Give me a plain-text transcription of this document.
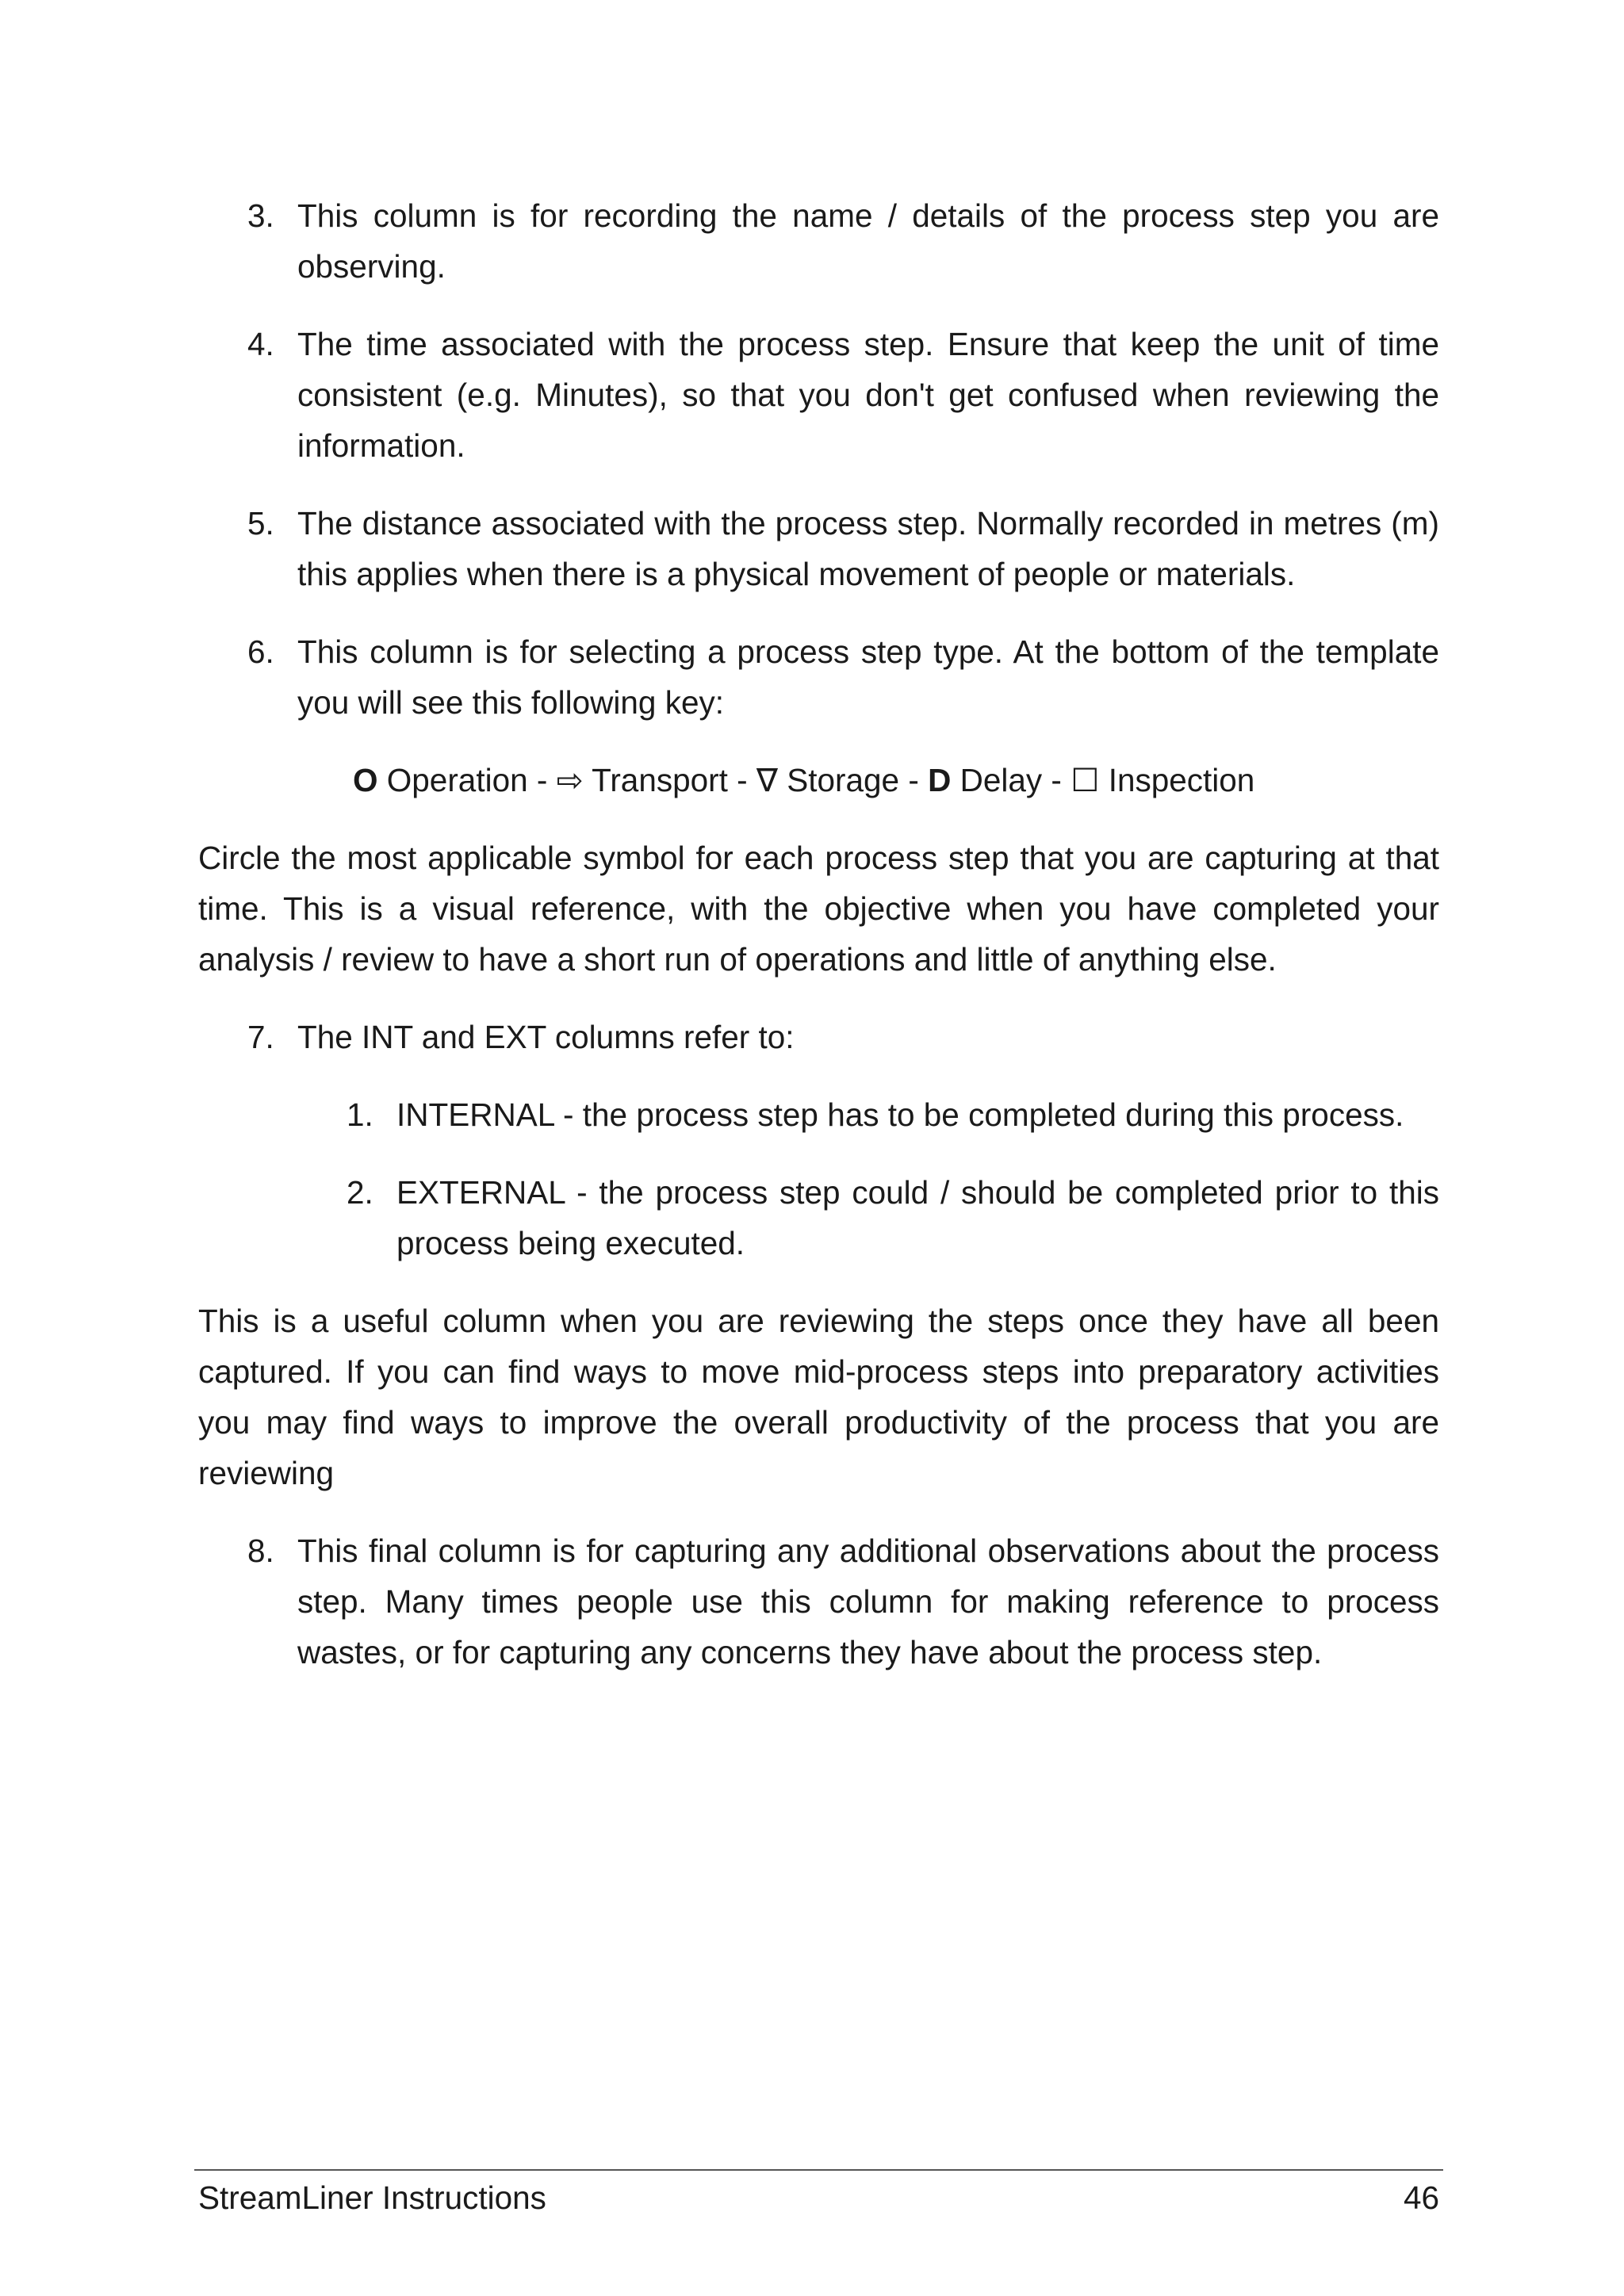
3. This column is for recording the name / details of the process step you are observing.
4. The time associated with the process step. Ensure that keep the unit of time consistent (e.g. Minutes), so that you don't get confused when reviewing the information.
5. The distance associated with the process step. Normally recorded in metres (m) this applies when there is a physical movement of people or materials.
6. This column is for selecting a process step type. At the bottom of the template you will see this following key:
O Operation - ⇨ Transport - ∇ Storage - D Delay - ☐ Inspection

Circle the most applicable symbol for each process step that you are capturing at that time. This is a visual reference, with the objective when you have completed your analysis / review to have a short run of operations and little of anything else.

7. The INT and EXT columns refer to:
1. INTERNAL - the process step has to be completed during this process.
2. EXTERNAL - the process step could / should be completed prior to this process being executed.

This is a useful column when you are reviewing the steps once they have all been captured. If you can find ways to move mid-process steps into preparatory activities you may find ways to improve the overall productivity of the process that you are reviewing

8. This final column is for capturing any additional observations about the process step. Many times people use this column for making reference to process wastes, or for capturing any concerns they have about the process step.
StreamLiner Instructions	46
